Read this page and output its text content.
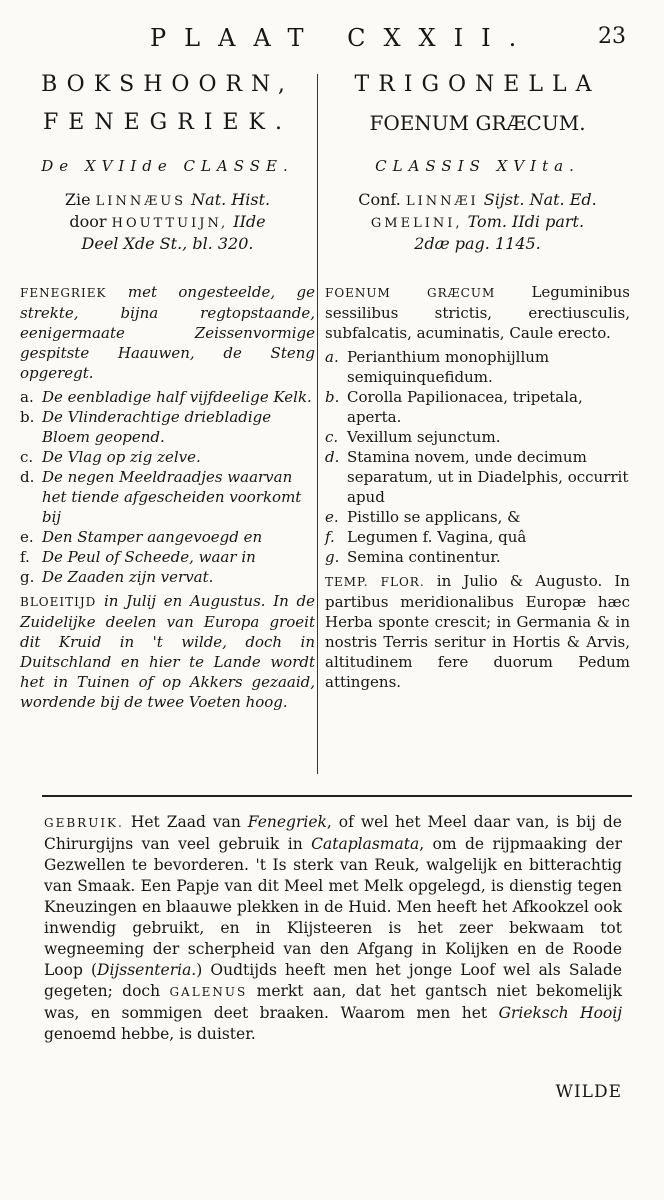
PLAAT CXXII.	23
BOKSHOORN,
FENEGRIEK.
De XVIIde CLASSE.
Zie LINNÆUS Nat. Hist.
door HOUTTUIJN, IIde
Deel Xde St., bl. 320.
FENEGRIEK met ongesteelde, ge strekte, bijna regtopstaande, eenigermaate Zeissenvormige gespitste Haauwen, de Steng opgeregt.
a. De eenbladige half vijfdeelige Kelk.
b. De Vlinderachtige driebladige Bloem geopend.
c. De Vlag op zig zelve.
d. De negen Meeldraadjes waarvan het tiende afgescheiden voorkomt bij
e. Den Stamper aangevoegd en
f. De Peul of Scheede, waar in
g. De Zaaden zijn vervat.
BLOEITIJD in Julij en Augustus. In de Zuidelijke deelen van Europa groeit dit Kruid in 't wilde, doch in Duitschland en hier te Lande wordt het in Tuinen of op Akkers gezaaid, wordende bij de twee Voeten hoog.
TRIGONELLA
FOENUM GRÆCUM.
CLASSIS XVIta.
Conf. LINNÆI Sijst. Nat. Ed.
GMELINI, Tom. IIdi part.
2dæ pag. 1145.
FOENUM GRÆCUM Leguminibus sessilibus strictis, erectiusculis, subfalcatis, acuminatis, Caule erecto.
a. Perianthium monophijllum semiquinquefidum.
b. Corolla Papilionacea, tripetala, aperta.
c. Vexillum sejunctum.
d. Stamina novem, unde decimum separatum, ut in Diadelphis, occurrit apud
e. Pistillo se applicans, &
f. Legumen f. Vagina, quâ
g. Semina continentur.
TEMP. FLOR. in Julio & Augusto. In partibus meridionalibus Europæ hæc Herba sponte crescit; in Germania & in nostris Terris seritur in Hortis & Arvis, altitudinem fere duorum Pedum attingens.
GEBRUIK. Het Zaad van Fenegriek, of wel het Meel daar van, is bij de Chirurgijns van veel gebruik in Cataplasmata, om de rijpmaaking der Gezwellen te bevorderen. 't Is sterk van Reuk, walgelijk en bitterachtig van Smaak. Een Papje van dit Meel met Melk opgelegd, is dienstig tegen Kneuzingen en blaauwe plekken in de Huid. Men heeft het Afkookzel ook inwendig gebruikt, en in Klijsteeren is het zeer bekwaam tot wegneeming der scherpheid van den Afgang in Kolijken en de Roode Loop (Dijssenteria.) Oudtijds heeft men het jonge Loof wel als Salade gegeten; doch GALENUS merkt aan, dat het gantsch niet bekomelijk was, en sommigen deet braaken. Waarom men het Grieksch Hooij genoemd hebbe, is duister.
WILDE
